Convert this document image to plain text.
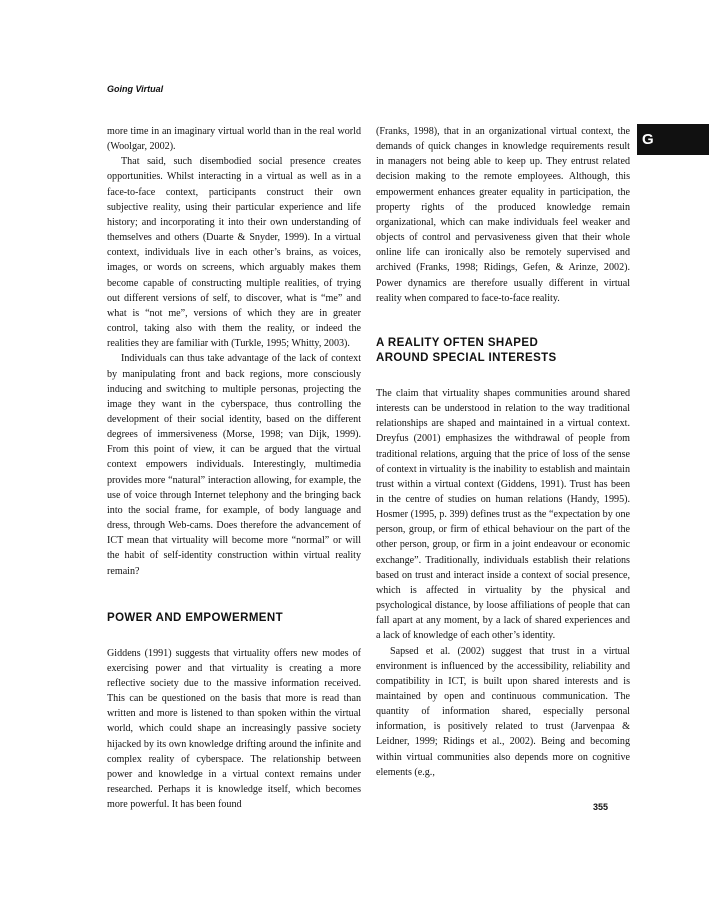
Going Virtual
G

more time in an imaginary virtual world than in the real world (Woolgar, 2002).

That said, such disembodied social presence creates opportunities. Whilst interacting in a virtual as well as in a face-to-face context, participants construct their own subjective reality, using their particular experience and life history; and incorporating it into their own understanding of themselves and others (Duarte & Snyder, 1999). In a virtual context, individuals live in each other’s brains, as voices, images, or words on screens, which arguably makes them become capable of constructing multiple realities, of trying out different versions of self, to discover, what is “me” and what is “not me”, versions of which they are in greater control, taking also with them the reality, or indeed the realities they are familiar with (Turkle, 1995; Whitty, 2003).

Individuals can thus take advantage of the lack of context by manipulating front and back regions, more consciously inducing and switching to multiple personas, projecting the image they want in the cyberspace, thus controlling the development of their social identity, based on the different degrees of immersiveness (Morse, 1998; van Dijk, 1999). From this point of view, it can be argued that the virtual context empowers individuals. Interestingly, multimedia provides more “natural” interaction allowing, for example, the use of voice through Internet telephony and the bringing back into the social frame, for example, of body language and dress, through Web-cams. Does therefore the advancement of ICT mean that virtuality will become more “normal” or will the habit of self-identity construction within virtual reality remain?

POWER AND EMPOWERMENT

Giddens (1991) suggests that virtuality offers new modes of exercising power and that virtuality is creating a more reflective society due to the massive information received. This can be questioned on the basis that more is read than written and more is listened to than spoken within the virtual world, which could shape an increasingly passive society hijacked by its own knowledge drifting around the infinite and complex reality of cyberspace. The relationship between power and knowledge in a virtual context remains under researched. Perhaps it is knowledge itself, which becomes more powerful. It has been found

(Franks, 1998), that in an organizational virtual context, the demands of quick changes in knowledge requirements result in managers not being able to keep up. They entrust related decision making to the remote employees. Although, this empowerment enhances greater equality in participation, the property rights of the produced knowledge remain organizational, which can make individuals feel weaker and objects of control and pervasiveness given that their whole online life can ironically also be remotely supervised and archived (Franks, 1998; Ridings, Gefen, & Arinze, 2002). Power dynamics are therefore usually different in virtual reality when compared to face-to-face reality.

A REALITY OFTEN SHAPED
AROUND SPECIAL INTERESTS

The claim that virtuality shapes communities around shared interests can be understood in relation to the way traditional relationships are shaped and maintained in a virtual context. Dreyfus (2001) emphasizes the withdrawal of people from traditional relations, arguing that the price of loss of the sense of context in virtuality is the inability to establish and maintain trust within a virtual context (Giddens, 1991). Trust has been in the centre of studies on human relations (Handy, 1995). Hosmer (1995, p. 399) defines trust as the “expectation by one person, group, or firm of ethical behaviour on the part of the other person, group, or firm in a joint endeavour or economic exchange”. Traditionally, individuals establish their relations based on trust and interact inside a context of social presence, which is affected in virtuality by the physical and psychological distance, by loose affiliations of people that can fall apart at any moment, by a lack of shared experiences and a lack of knowledge of each other’s identity.

Sapsed et al. (2002) suggest that trust in a virtual environment is influenced by the accessibility, reliability and compatibility in ICT, is built upon shared interests and is maintained by open and continuous communication. The quantity of information shared, especially personal information, is positively related to trust (Jarvenpaa & Leidner, 1999; Ridings et al., 2002). Being and becoming within virtual communities also depends more on cognitive elements (e.g.,

355
